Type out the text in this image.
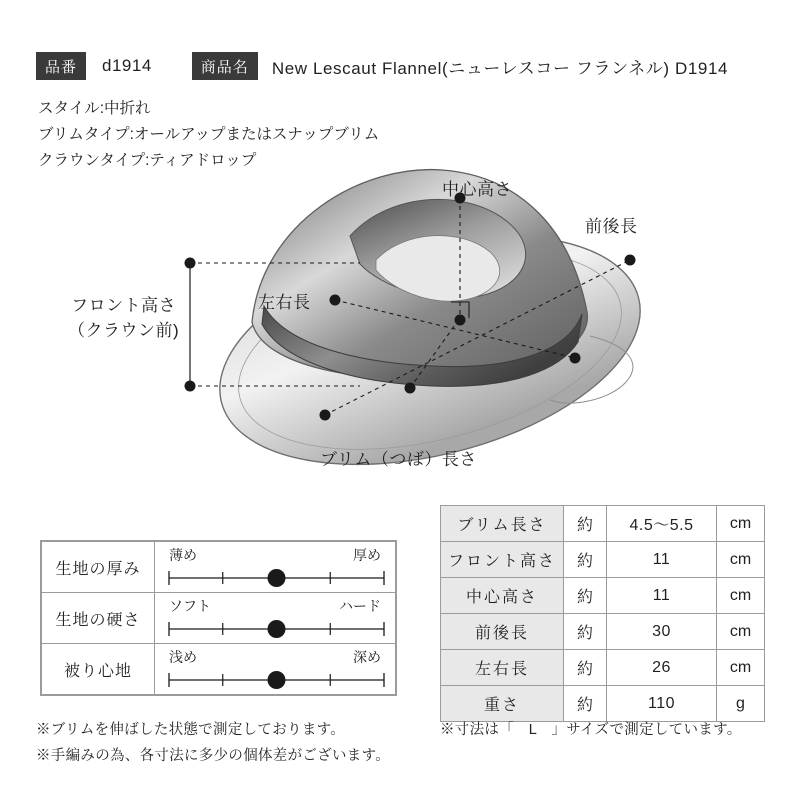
品番	d1914	商品名	New Lescaut Flannel(ニューレスコー フランネル) D1914
スタイル:中折れ
ブリムタイプ:オールアップまたはスナップブリム
クラウンタイプ:ティアドロップ
中心高さ
前後長
左右長
フロント高さ
（クラウン前)
ブリム（つば）長さ
生地の厚み	薄め 厚め

生地の硬さ	ソフト ハード

被り心地	浅め 深め
ブリム長さ	約	4.5〜5.5	cm
フロント高さ	約	11	cm
中心高さ	約	11	cm
前後長	約	30	cm
左右長	約	26	cm
重さ	約	110	g
※ブリムを伸ばした状態で測定しております。
※手編みの為、各寸法に多少の個体差がございます。
※寸法は「　L　」サイズで測定しています。
